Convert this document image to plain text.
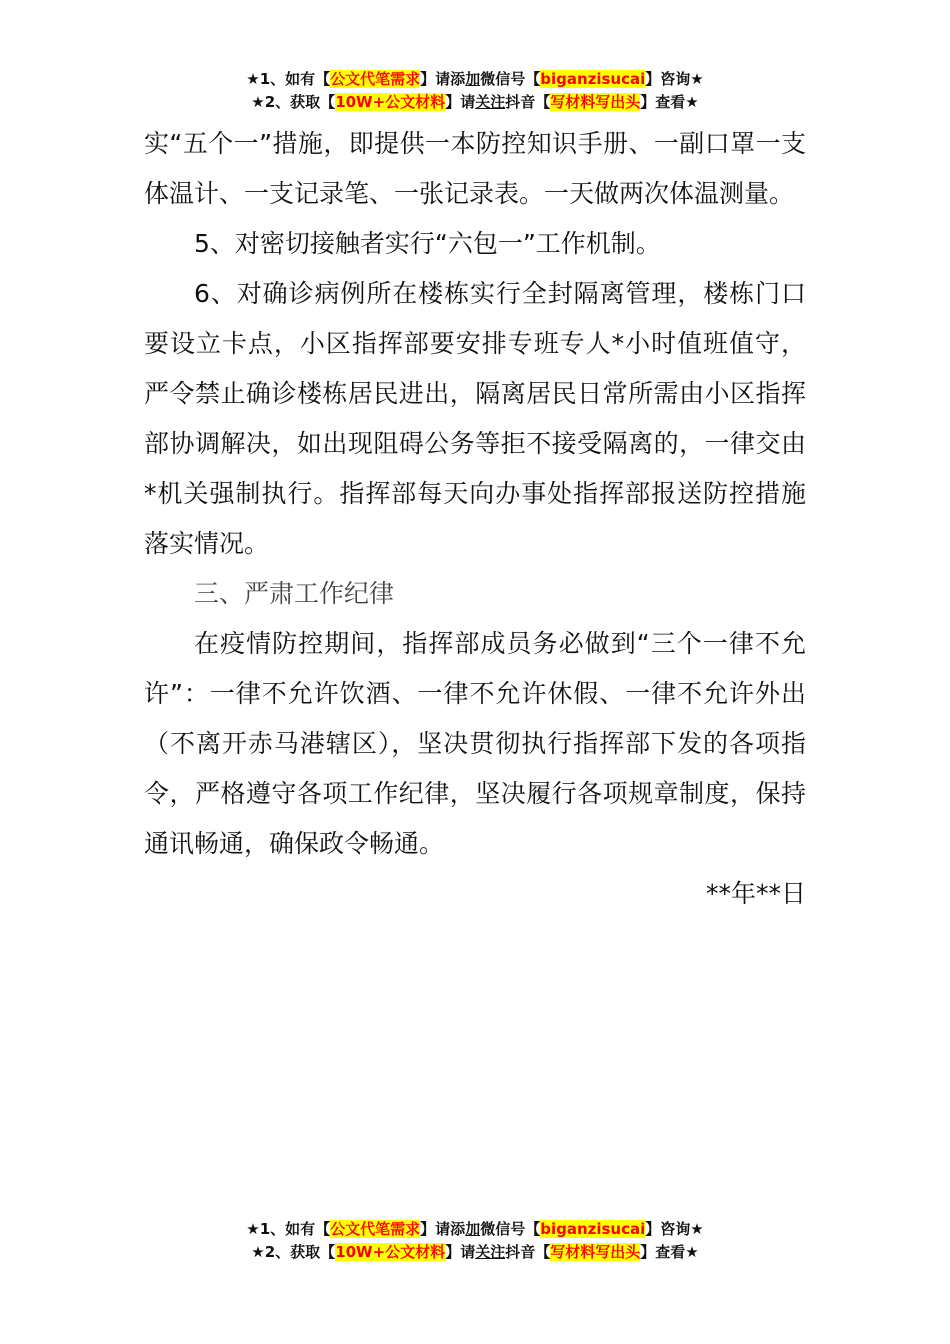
★1、如有【公文代笔需求】请添加微信号【biganzisucai】咨询★
★2、获取【10W+公文材料】请关注抖音【写材料写出头】查看★

实“五个一”措施，即提供一本防控知识手册、一副口罩一支体温计、一支记录笔、一张记录表。一天做两次体温测量。

5、对密切接触者实行“六包一”工作机制。

6、对确诊病例所在楼栋实行全封隔离管理，楼栋门口要设立卡点，小区指挥部要安排专班专人*小时值班值守，严令禁止确诊楼栋居民进出，隔离居民日常所需由小区指挥部协调解决，如出现阻碍公务等拒不接受隔离的，一律交由*机关强制执行。指挥部每天向办事处指挥部报送防控措施落实情况。

三、严肃工作纪律

在疫情防控期间，指挥部成员务必做到“三个一律不允许”：一律不允许饮酒、一律不允许休假、一律不允许外出（不离开赤马港辖区），坚决贯彻执行指挥部下发的各项指令，严格遵守各项工作纪律，坚决履行各项规章制度，保持通讯畅通，确保政令畅通。

**年**日

★1、如有【公文代笔需求】请添加微信号【biganzisucai】咨询★
★2、获取【10W+公文材料】请关注抖音【写材料写出头】查看★
